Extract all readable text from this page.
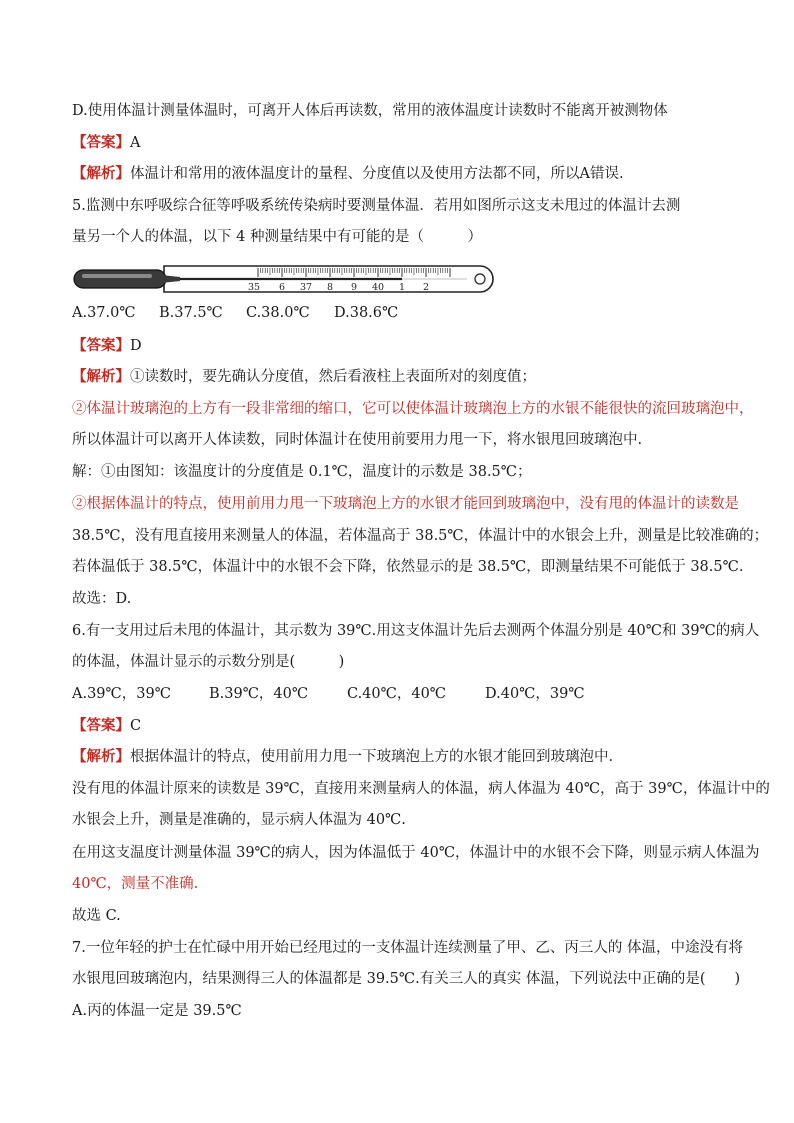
D.使用体温计测量体温时，可离开人体后再读数，常用的液体温度计读数时不能离开被测物体
【答案】A
【解析】体温计和常用的液体温度计的量程、分度值以及使用方法都不同，所以A错误.
5.监测中东呼吸综合征等呼吸系统传染病时要测量体温．若用如图所示这支未甩过的体温计去测
量另一个人的体温，以下 4 种测量结果中有可能的是（　　　）
35 6 37 8 9 40 1 2
A.37.0℃ B.37.5℃ C.38.0℃ D.38.6℃
【答案】D
【解析】①读数时，要先确认分度值，然后看液柱上表面所对的刻度值；
②体温计玻璃泡的上方有一段非常细的缩口，它可以使体温计玻璃泡上方的水银不能很快的流回玻璃泡中，
所以体温计可以离开人体读数，同时体温计在使用前要用力甩一下，将水银甩回玻璃泡中.
解：①由图知：该温度计的分度值是 0.1℃，温度计的示数是 38.5℃；
②根据体温计的特点，使用前用力甩一下玻璃泡上方的水银才能回到玻璃泡中，没有甩的体温计的读数是
38.5℃，没有甩直接用来测量人的体温，若体温高于 38.5℃，体温计中的水银会上升，测量是比较准确的；
若体温低于 38.5℃，体温计中的水银不会下降，依然显示的是 38.5℃，即测量结果不可能低于 38.5℃.
故选：D.
6.有一支用过后未甩的体温计，其示数为 39℃.用这支体温计先后去测两个体温分别是 40℃和 39℃的病人
的体温，体温计显示的示数分别是(　　　)
A.39℃，39℃	B.39℃，40℃	C.40℃，40℃	D.40℃，39℃
【答案】C
【解析】根据体温计的特点，使用前用力甩一下玻璃泡上方的水银才能回到玻璃泡中.
没有甩的体温计原来的读数是 39℃，直接用来测量病人的体温，病人体温为 40℃，高于 39℃，体温计中的
水银会上升，测量是准确的，显示病人体温为 40℃.
在用这支温度计测量体温 39℃的病人，因为体温低于 40℃，体温计中的水银不会下降，则显示病人体温为
40℃，测量不准确.
故选 C.
7.一位年轻的护士在忙碌中用开始已经甩过的一支体温计连续测量了甲、乙、丙三人的 体温，中途没有将
水银甩回玻璃泡内，结果测得三人的体温都是 39.5℃.有关三人的真实 体温，下列说法中正确的是(　　)
A.丙的体温一定是 39.5℃
